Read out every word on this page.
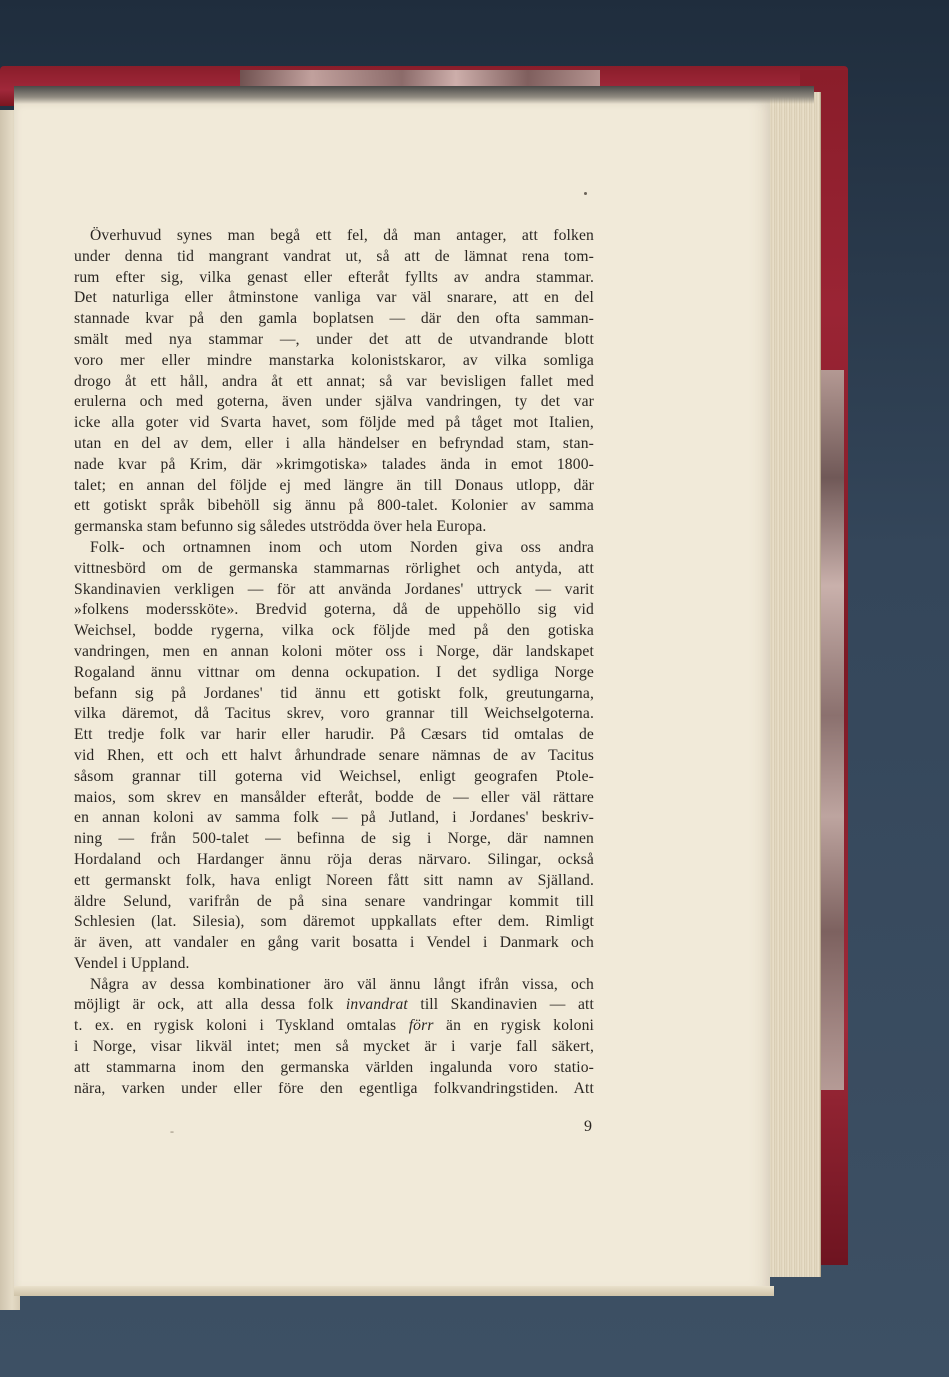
Överhuvud synes man begå ett fel, då man antager, att folken
under denna tid mangrant vandrat ut, så att de lämnat rena tom-
rum efter sig, vilka genast eller efteråt fyllts av andra stammar.
Det naturliga eller åtminstone vanliga var väl snarare, att en del
stannade kvar på den gamla boplatsen — där den ofta samman-
smält med nya stammar —, under det att de utvandrande blott
voro mer eller mindre manstarka kolonistskaror, av vilka somliga
drogo åt ett håll, andra åt ett annat; så var bevisligen fallet med
erulerna och med goterna, även under själva vandringen, ty det var
icke alla goter vid Svarta havet, som följde med på tåget mot Italien,
utan en del av dem, eller i alla händelser en befryndad stam, stan-
nade kvar på Krim, där »krimgotiska» talades ända in emot 1800-
talet; en annan del följde ej med längre än till Donaus utlopp, där
ett gotiskt språk bibehöll sig ännu på 800-talet. Kolonier av samma
germanska stam befunno sig således utströdda över hela Europa.
Folk- och ortnamnen inom och utom Norden giva oss andra
vittnesbörd om de germanska stammarnas rörlighet och antyda, att
Skandinavien verkligen — för att använda Jordanes' uttryck — varit
»folkens moderssköte». Bredvid goterna, då de uppehöllo sig vid
Weichsel, bodde rygerna, vilka ock följde med på den gotiska
vandringen, men en annan koloni möter oss i Norge, där landskapet
Rogaland ännu vittnar om denna ockupation. I det sydliga Norge
befann sig på Jordanes' tid ännu ett gotiskt folk, greutungarna,
vilka däremot, då Tacitus skrev, voro grannar till Weichselgoterna.
Ett tredje folk var harir eller harudir. På Cæsars tid omtalas de
vid Rhen, ett och ett halvt århundrade senare nämnas de av Tacitus
såsom grannar till goterna vid Weichsel, enligt geografen Ptole-
maios, som skrev en mansålder efteråt, bodde de — eller väl rättare
en annan koloni av samma folk — på Jutland, i Jordanes' beskriv-
ning — från 500-talet — befinna de sig i Norge, där namnen
Hordaland och Hardanger ännu röja deras närvaro. Silingar, också
ett germanskt folk, hava enligt Noreen fått sitt namn av Själland.
äldre Selund, varifrån de på sina senare vandringar kommit till
Schlesien (lat. Silesia), som däremot uppkallats efter dem. Rimligt
är även, att vandaler en gång varit bosatta i Vendel i Danmark och
Vendel i Uppland.
Några av dessa kombinationer äro väl ännu långt ifrån vissa, och
möjligt är ock, att alla dessa folk invandrat till Skandinavien — att
t. ex. en rygisk koloni i Tyskland omtalas förr än en rygisk koloni
i Norge, visar likväl intet; men så mycket är i varje fall säkert,
att stammarna inom den germanska världen ingalunda voro statio-
nära, varken under eller före den egentliga folkvandringstiden. Att
-	9
